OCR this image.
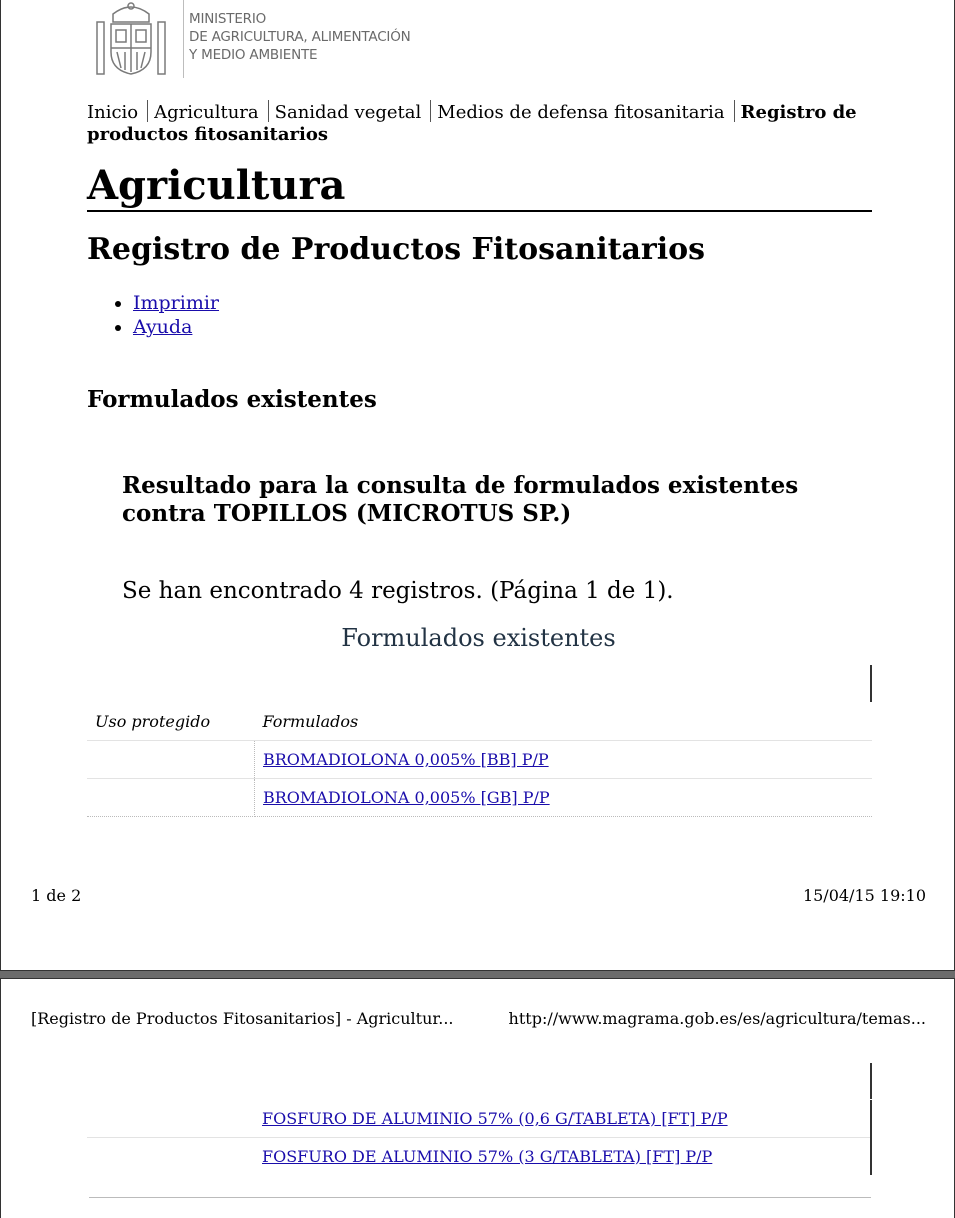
MINISTERIO
DE AGRICULTURA, ALIMENTACIÓN
Y MEDIO AMBIENTE
Inicio Agricultura Sanidad vegetal Medios de defensa fitosanitaria Registro de productos fitosanitarios
Agricultura
Registro de Productos Fitosanitarios
• Imprimir
• Ayuda
Formulados existentes
Resultado para la consulta de formulados existentes contra TOPILLOS (MICROTUS SP.)
Se han encontrado 4 registros. (Página 1 de 1).
Formulados existentes
Uso protegido	Formulados
	BROMADIOLONA 0,005% [BB] P/P
	BROMADIOLONA 0,005% [GB] P/P
1 de 2	15/04/15 19:10
[Registro de Productos Fitosanitarios] - Agricultur...	http://www.magrama.gob.es/es/agricultura/temas...
	FOSFURO DE ALUMINIO 57% (0,6 G/TABLETA) [FT] P/P
	FOSFURO DE ALUMINIO 57% (3 G/TABLETA) [FT] P/P
